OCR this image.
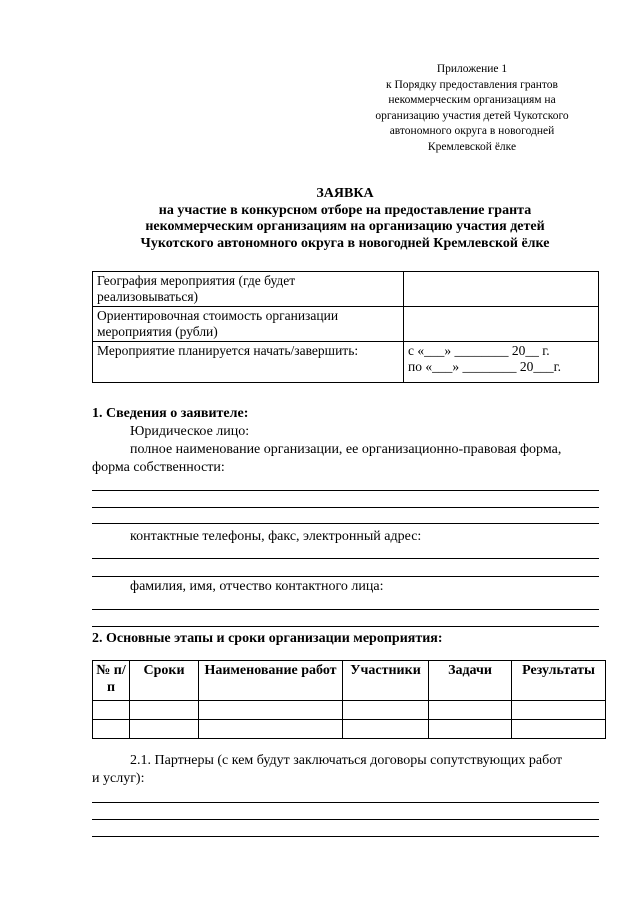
Приложение 1
к Порядку предоставления грантов
некоммерческим организациям на
организацию участия детей Чукотского
автономного округа в новогодней
Кремлевской ёлке
ЗАЯВКА
на участие в конкурсном отборе на предоставление гранта
некоммерческим организациям на организацию участия детей
Чукотского автономного округа в новогодней Кремлевской ёлке
География мероприятия (где будет реализовываться)	
Ориентировочная стоимость организации мероприятия (рубли)	
Мероприятие планируется начать/завершить:	с «___» ________ 20__ г.
по «___» ________ 20___г.
1. Сведения о заявителе:
Юридическое лицо:
полное наименование организации, ее организационно-правовая форма,
форма собственности:
контактные телефоны, факс, электронный адрес:
фамилия, имя, отчество контактного лица:
2. Основные этапы и сроки организации мероприятия:
№ п/п	Сроки	Наименование работ	Участники	Задачи	Результаты

2.1. Партнеры (с кем будут заключаться договоры сопутствующих работ
и услуг):
